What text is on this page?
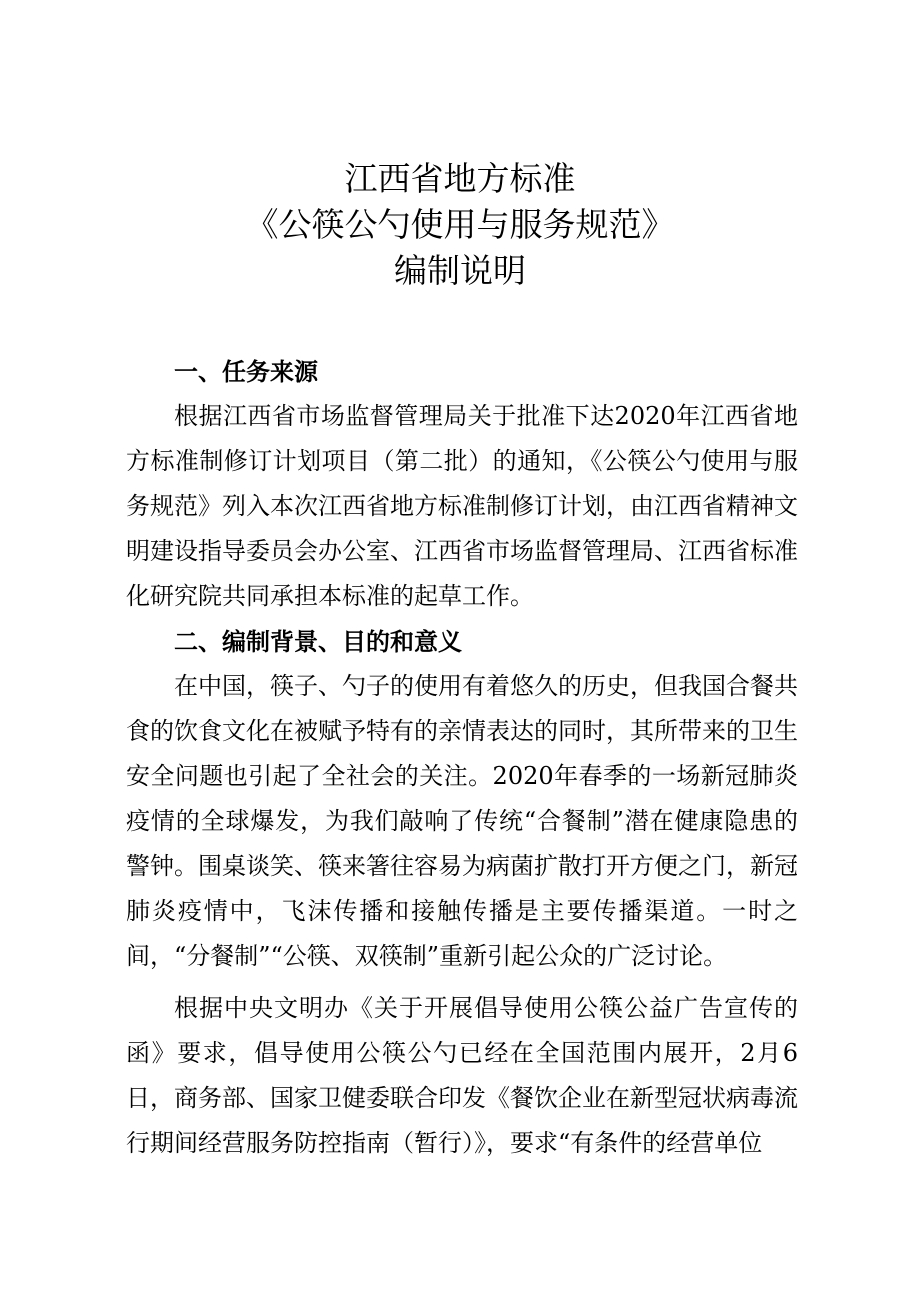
江西省地方标准
《公筷公勺使用与服务规范》
编制说明

一、任务来源

根据江西省市场监督管理局关于批准下达2020年江西省地方标准制修订计划项目（第二批）的通知，《公筷公勺使用与服务规范》列入本次江西省地方标准制修订计划，由江西省精神文明建设指导委员会办公室、江西省市场监督管理局、江西省标准化研究院共同承担本标准的起草工作。

二、编制背景、目的和意义

在中国，筷子、勺子的使用有着悠久的历史，但我国合餐共食的饮食文化在被赋予特有的亲情表达的同时，其所带来的卫生安全问题也引起了全社会的关注。2020年春季的一场新冠肺炎疫情的全球爆发，为我们敲响了传统“合餐制”潜在健康隐患的警钟。围桌谈笑、筷来箸往容易为病菌扩散打开方便之门，新冠肺炎疫情中，飞沫传播和接触传播是主要传播渠道。一时之间，“分餐制”“公筷、双筷制”重新引起公众的广泛讨论。

根据中央文明办《关于开展倡导使用公筷公益广告宣传的函》要求，倡导使用公筷公勺已经在全国范围内展开，2月6日，商务部、国家卫健委联合印发《餐饮企业在新型冠状病毒流行期间经营服务防控指南（暂行）》，要求“有条件的经营单位
